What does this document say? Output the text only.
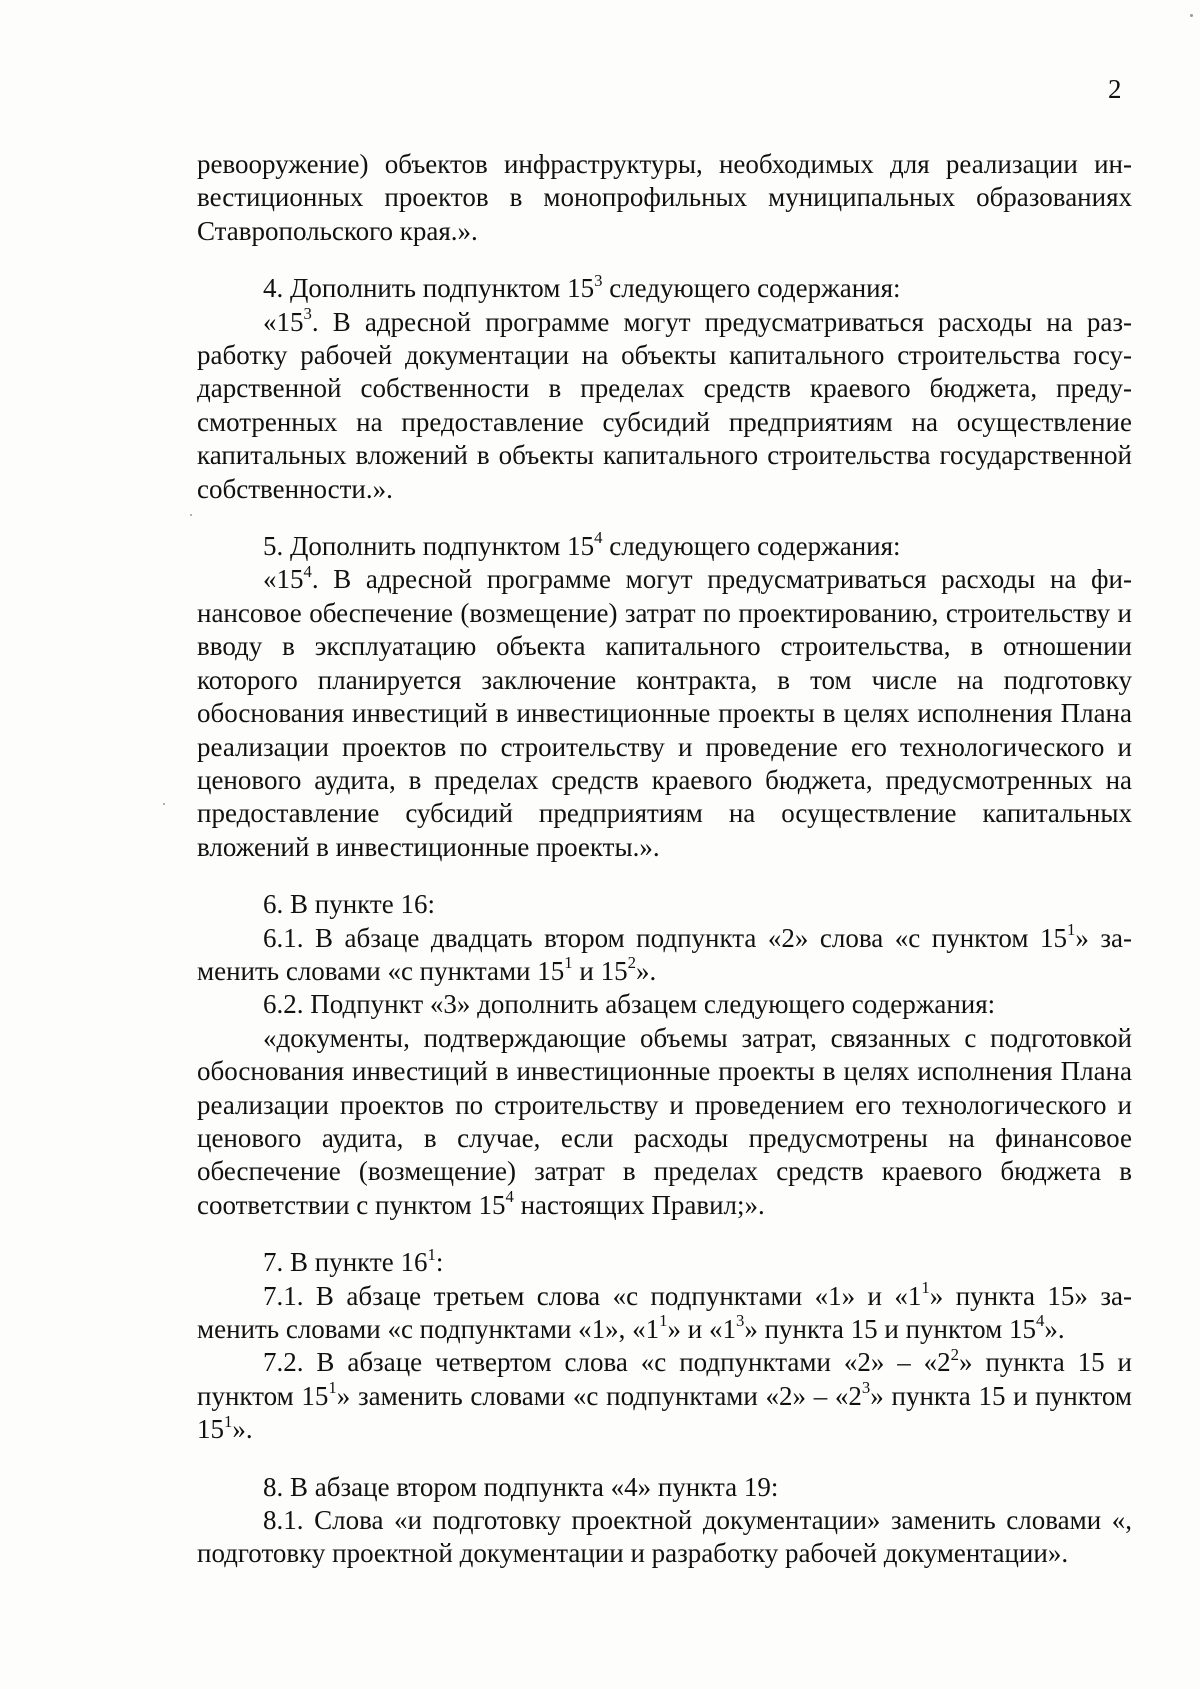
2

ревооружение) объектов инфраструктуры, необходимых для реализации инвестиционных проектов в монопрофильных муниципальных образованиях Ставропольского края.».

4. Дополнить подпунктом $15^3$ следующего содержания:

«$15^3$. В адресной программе могут предусматриваться расходы на разработку рабочей документации на объекты капитального строительства государственной собственности в пределах средств краевого бюджета, предусмотренных на предоставление субсидий предприятиям на осуществление капитальных вложений в объекты капитального строительства государственной собственности.».

5. Дополнить подпунктом $15^4$ следующего содержания:

«$15^4$. В адресной программе могут предусматриваться расходы на финансовое обеспечение (возмещение) затрат по проектированию, строительству и вводу в эксплуатацию объекта капитального строительства, в отношении которого планируется заключение контракта, в том числе на подготовку обоснования инвестиций в инвестиционные проекты в целях исполнения Плана реализации проектов по строительству и проведение его технологического и ценового аудита, в пределах средств краевого бюджета, предусмотренных на предоставление субсидий предприятиям на осуществление капитальных вложений в инвестиционные проекты.».

6. В пункте 16:

6.1. В абзаце двадцать втором подпункта «2» слова «с пунктом $15^1$» заменить словами «с пунктами $15^1$ и $15^2$».

6.2. Подпункт «3» дополнить абзацем следующего содержания:

«документы, подтверждающие объемы затрат, связанных с подготовкой обоснования инвестиций в инвестиционные проекты в целях исполнения Плана реализации проектов по строительству и проведением его технологического и ценового аудита, в случае, если расходы предусмотрены на финансовое обеспечение (возмещение) затрат в пределах средств краевого бюджета в соответствии с пунктом $15^4$ настоящих Правил;».

7. В пункте $16^1$:

7.1. В абзаце третьем слова «с подпунктами «1» и «$1^1$» пункта 15» заменить словами «с подпунктами «1», «$1^1$» и «$1^3$» пункта 15 и пунктом $15^4$».

7.2. В абзаце четвертом слова «с подпунктами «2» – «$2^2$» пункта 15 и пунктом $15^1$» заменить словами «с подпунктами «2» – «$2^3$» пункта 15 и пунктом $15^1$».

8. В абзаце втором подпункта «4» пункта 19:

8.1. Слова «и подготовку проектной документации» заменить словами «, подготовку проектной документации и разработку рабочей документации».
